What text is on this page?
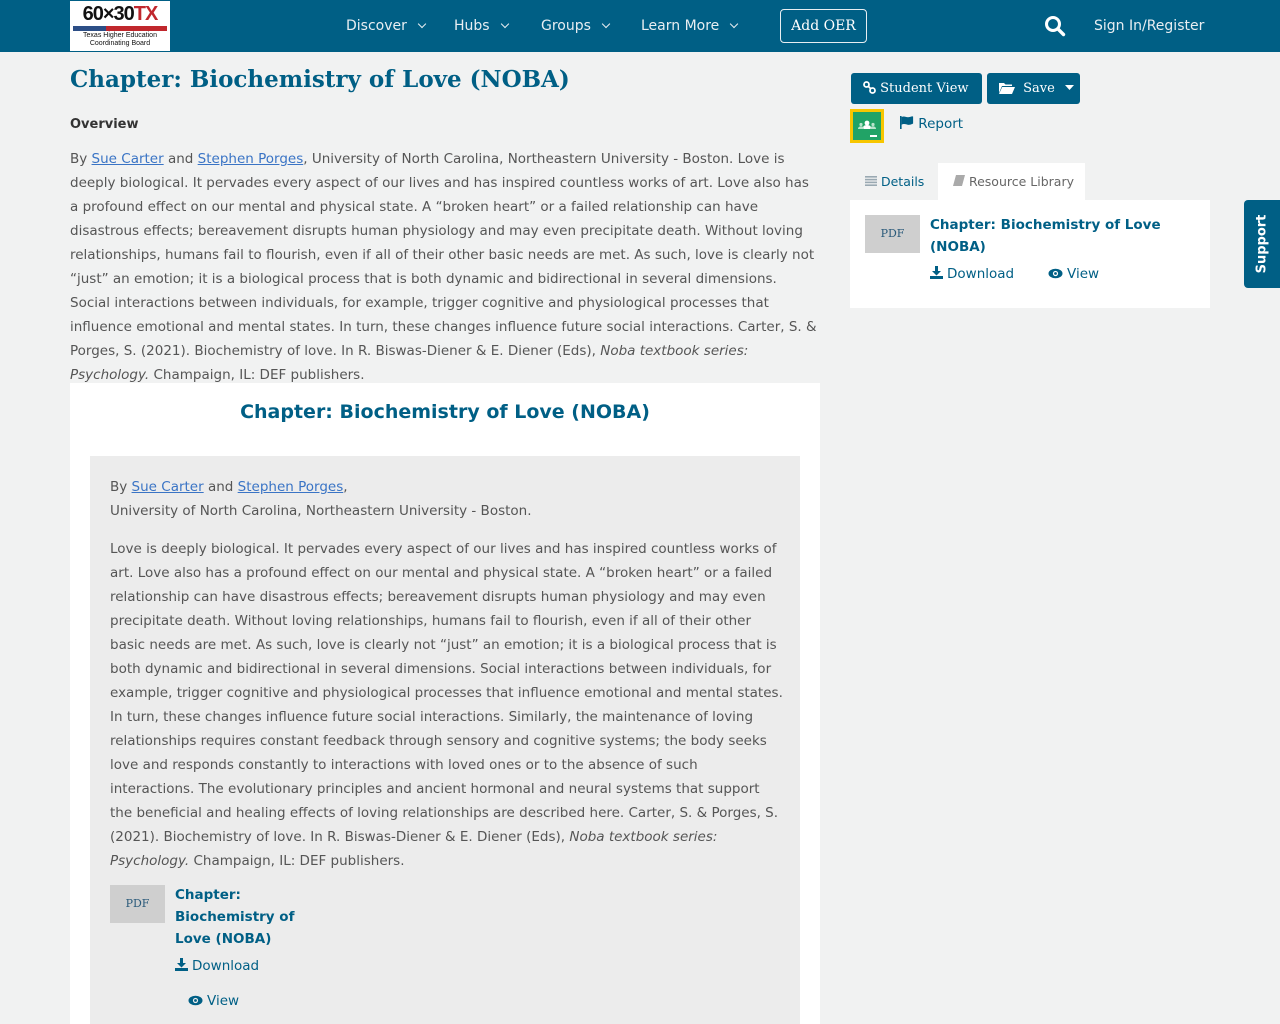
60×30TX
Texas Higher Education
Coordinating Board
Discover	Hubs	Groups	Learn More	Add OER	Sign In/Register
Chapter: Biochemistry of Love (NOBA)
Overview
By Sue Carter and Stephen Porges, University of North Carolina, Northeastern University - Boston. Love is deeply biological. It pervades every aspect of our lives and has inspired countless works of art. Love also has a profound effect on our mental and physical state. A “broken heart” or a failed relationship can have disastrous effects; bereavement disrupts human physiology and may even precipitate death. Without loving relationships, humans fail to flourish, even if all of their other basic needs are met. As such, love is clearly not “just” an emotion; it is a biological process that is both dynamic and bidirectional in several dimensions. Social interactions between individuals, for example, trigger cognitive and physiological processes that influence emotional and mental states. In turn, these changes influence future social interactions. Carter, S. & Porges, S. (2021). Biochemistry of love. In R. Biswas-Diener & E. Diener (Eds), Noba textbook series: Psychology. Champaign, IL: DEF publishers.
Chapter: Biochemistry of Love (NOBA)
By Sue Carter and Stephen Porges,
University of North Carolina, Northeastern University - Boston.
Love is deeply biological. It pervades every aspect of our lives and has inspired countless works of art. Love also has a profound effect on our mental and physical state. A “broken heart” or a failed relationship can have disastrous effects; bereavement disrupts human physiology and may even precipitate death. Without loving relationships, humans fail to flourish, even if all of their other basic needs are met. As such, love is clearly not “just” an emotion; it is a biological process that is both dynamic and bidirectional in several dimensions. Social interactions between individuals, for example, trigger cognitive and physiological processes that influence emotional and mental states. In turn, these changes influence future social interactions. Similarly, the maintenance of loving relationships requires constant feedback through sensory and cognitive systems; the body seeks love and responds constantly to interactions with loved ones or to the absence of such interactions. The evolutionary principles and ancient hormonal and neural systems that support the beneficial and healing effects of loving relationships are described here. Carter, S. & Porges, S. (2021). Biochemistry of love. In R. Biswas-Diener & E. Diener (Eds), Noba textbook series: Psychology. Champaign, IL: DEF publishers.
PDF
Chapter: Biochemistry of Love (NOBA)
Download
View
Student View	Save
Report
Details	Resource Library
PDF
Chapter: Biochemistry of Love (NOBA)
Download	View
Support
